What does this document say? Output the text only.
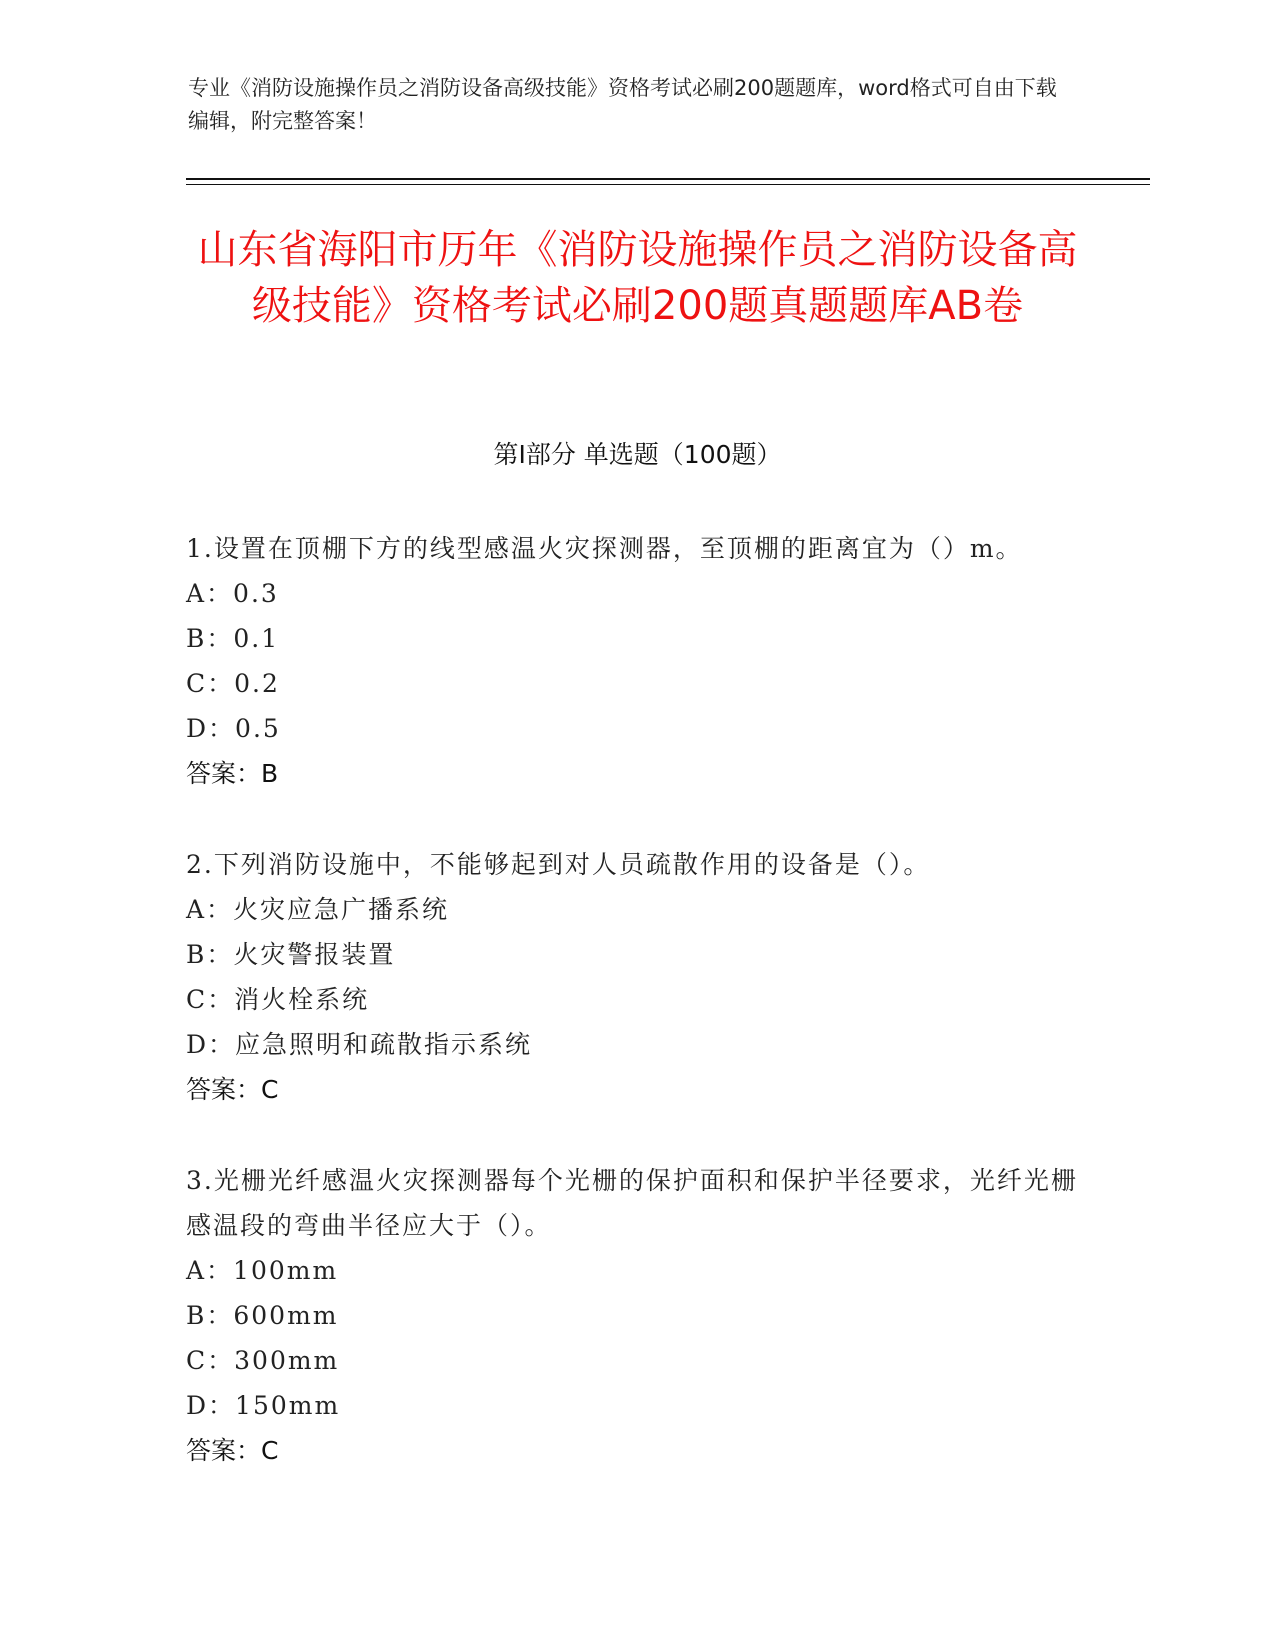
专业《消防设施操作员之消防设备高级技能》资格考试必刷200题题库，word格式可自由下载编辑，附完整答案！
山东省海阳市历年《消防设施操作员之消防设备高级技能》资格考试必刷200题真题题库AB卷
第I部分 单选题（100题）
1.设置在顶棚下方的线型感温火灾探测器，至顶棚的距离宜为（）m。
A：0.3
B：0.1
C：0.2
D：0.5
答案：B
2.下列消防设施中，不能够起到对人员疏散作用的设备是（）。
A：火灾应急广播系统
B：火灾警报装置
C：消火栓系统
D：应急照明和疏散指示系统
答案：C
3.光栅光纤感温火灾探测器每个光栅的保护面积和保护半径要求，光纤光栅感温段的弯曲半径应大于（）。
A：100mm
B：600mm
C：300mm
D：150mm
答案：C
